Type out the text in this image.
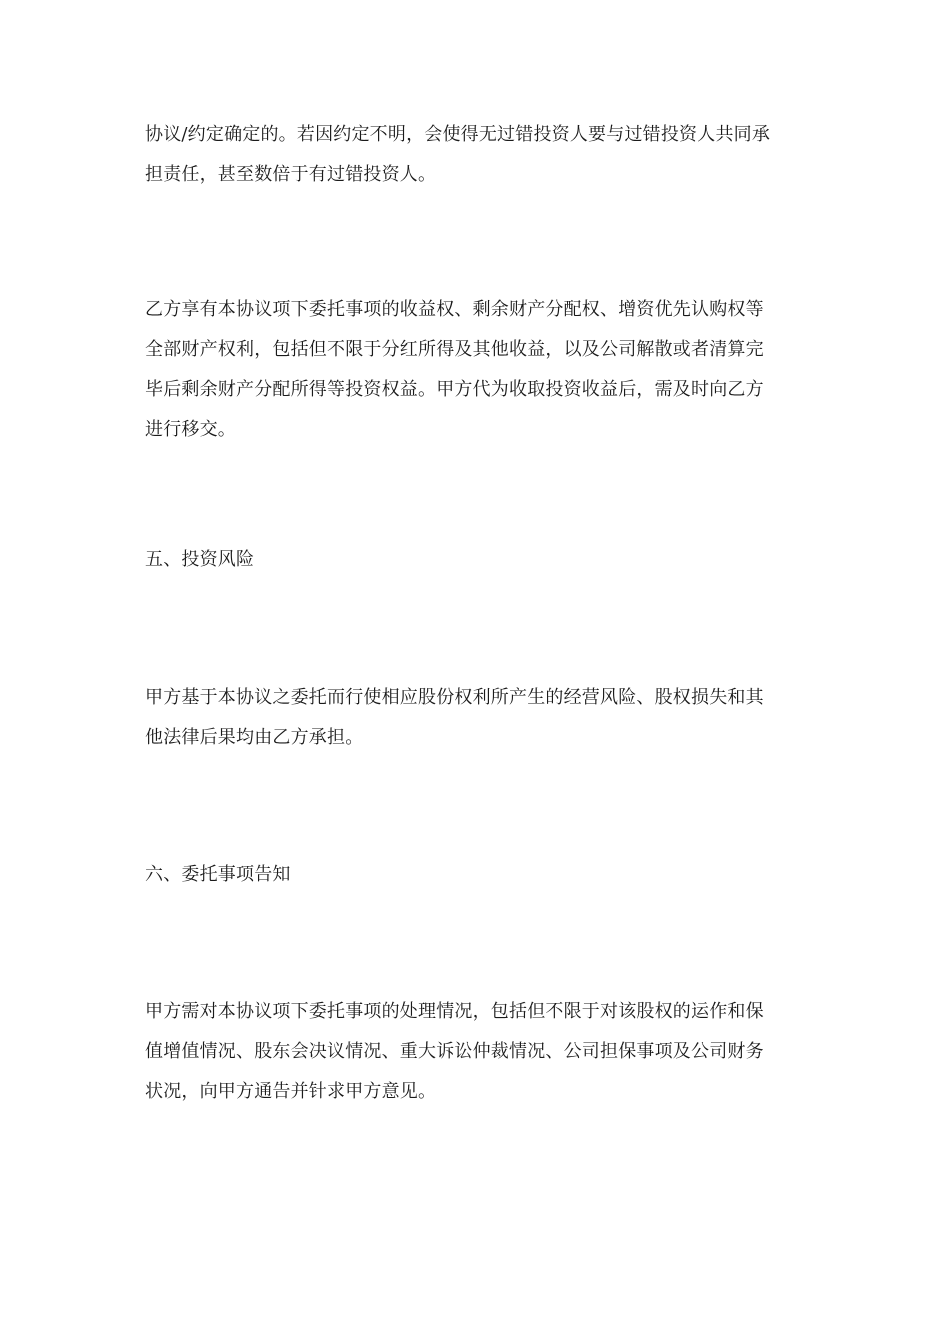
协议/约定确定的。若因约定不明，会使得无过错投资人要与过错投资人共同承
担责任，甚至数倍于有过错投资人。

乙方享有本协议项下委托事项的收益权、剩余财产分配权、增资优先认购权等
全部财产权利，包括但不限于分红所得及其他收益，以及公司解散或者清算完
毕后剩余财产分配所得等投资权益。甲方代为收取投资收益后，需及时向乙方
进行移交。

五、投资风险

甲方基于本协议之委托而行使相应股份权利所产生的经营风险、股权损失和其
他法律后果均由乙方承担。

六、委托事项告知

甲方需对本协议项下委托事项的处理情况，包括但不限于对该股权的运作和保
值增值情况、股东会决议情况、重大诉讼仲裁情况、公司担保事项及公司财务
状况，向甲方通告并针求甲方意见。
